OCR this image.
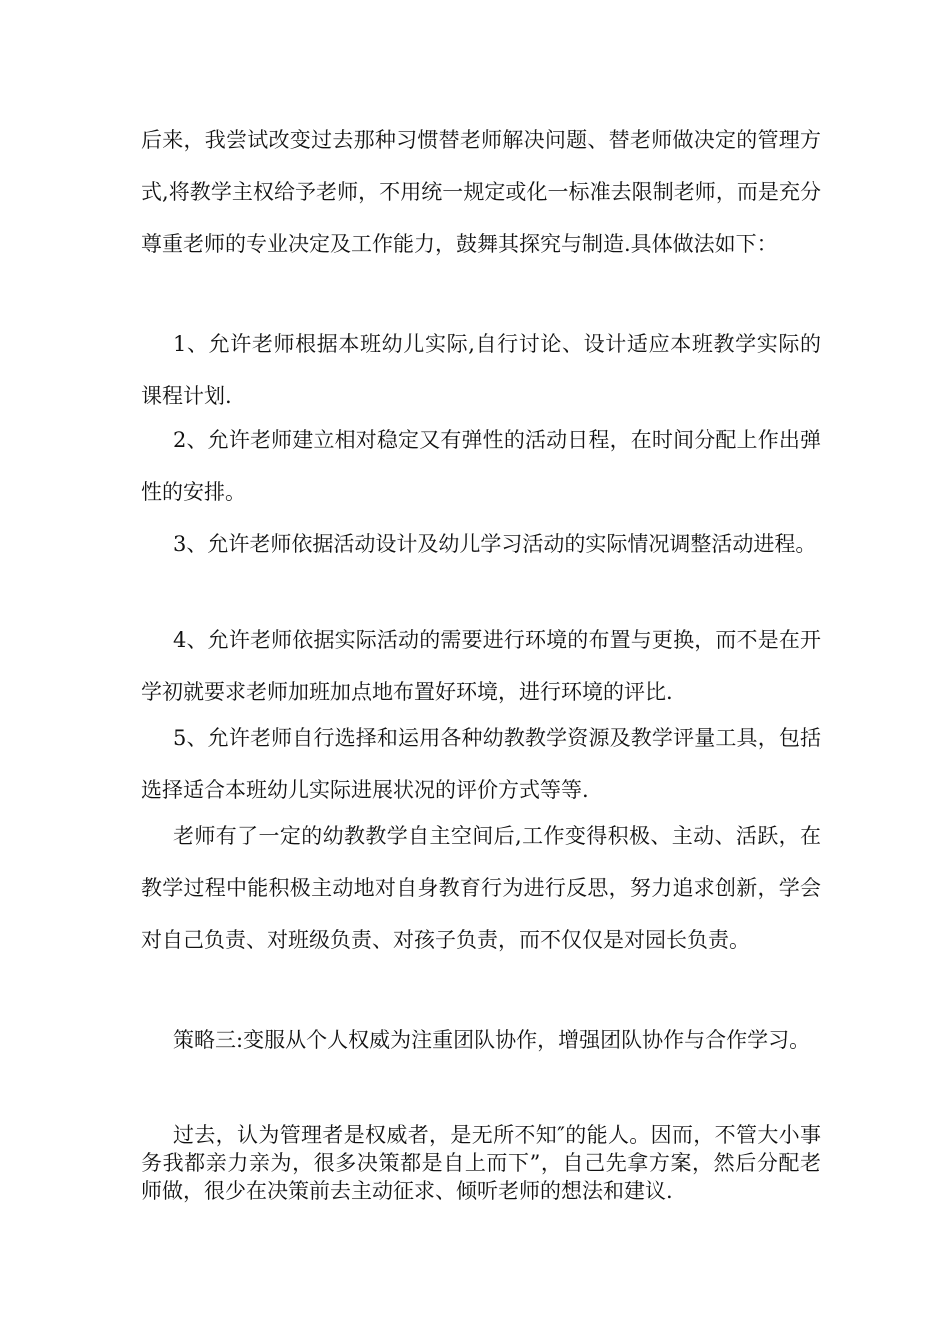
后来，我尝试改变过去那种习惯替老师解决问题、替老师做决定的管理方式,将教学主权给予老师，不用统一规定或化一标准去限制老师，而是充分尊重老师的专业决定及工作能力，鼓舞其探究与制造.具体做法如下：

1、允许老师根据本班幼儿实际,自行讨论、设计适应本班教学实际的课程计划.

2、允许老师建立相对稳定又有弹性的活动日程，在时间分配上作出弹性的安排。

3、允许老师依据活动设计及幼儿学习活动的实际情况调整活动进程。

4、允许老师依据实际活动的需要进行环境的布置与更换，而不是在开学初就要求老师加班加点地布置好环境，进行环境的评比.

5、允许老师自行选择和运用各种幼教教学资源及教学评量工具，包括选择适合本班幼儿实际进展状况的评价方式等等.

老师有了一定的幼教教学自主空间后,工作变得积极、主动、活跃，在教学过程中能积极主动地对自身教育行为进行反思，努力追求创新，学会对自己负责、对班级负责、对孩子负责，而不仅仅是对园长负责。

策略三:变服从个人权威为注重团队协作，增强团队协作与合作学习。

过去，认为管理者是权威者，是无所不知″的能人。因而，不管大小事务我都亲力亲为，很多决策都是自上而下”，自己先拿方案，然后分配老师做，很少在决策前去主动征求、倾听老师的想法和建议.
